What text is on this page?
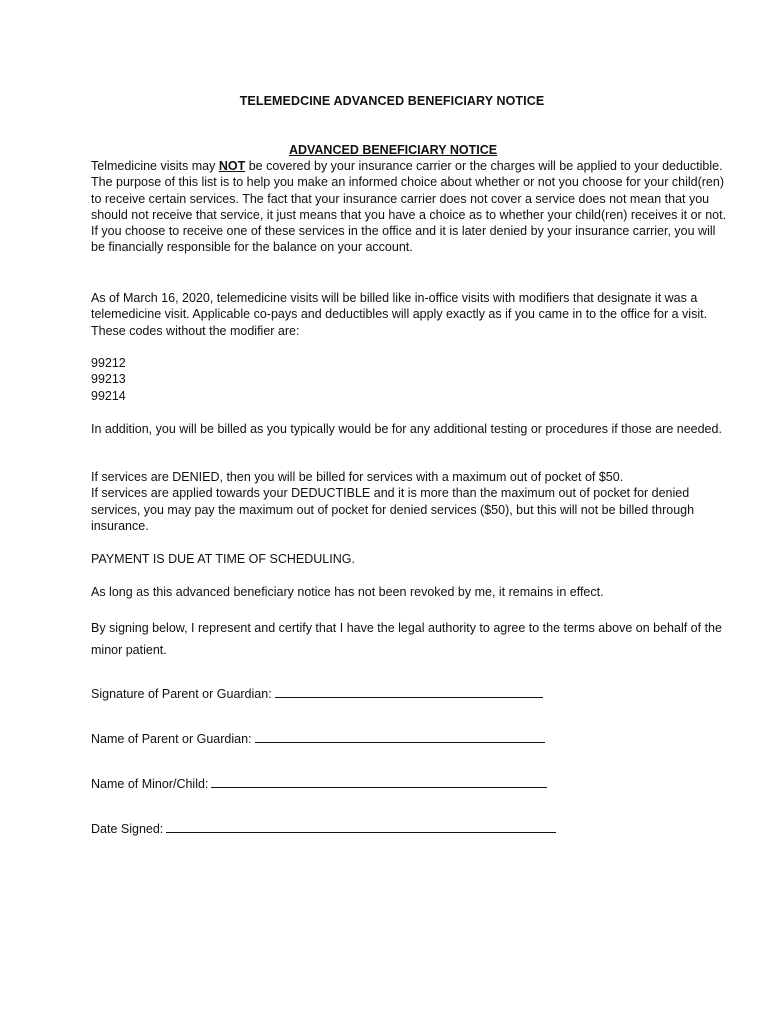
TELEMEDCINE ADVANCED BENEFICIARY NOTICE
ADVANCED BENEFICIARY NOTICE

Telmedicine visits may NOT be covered by your insurance carrier or the charges will be applied to your deductible. The purpose of this list is to help you make an informed choice about whether or not you choose for your child(ren) to receive certain services. The fact that your insurance carrier does not cover a service does not mean that you should not receive that service, it just means that you have a choice as to whether your child(ren) receives it or not. If you choose to receive one of these services in the office and it is later denied by your insurance carrier, you will be financially responsible for the balance on your account.

As of March 16, 2020, telemedicine visits will be billed like in-office visits with modifiers that designate it was a telemedicine visit. Applicable co-pays and deductibles will apply exactly as if you came in to the office for a visit. These codes without the modifier are:

99212
99213
99214

In addition, you will be billed as you typically would be for any additional testing or procedures if those are needed.

If services are DENIED, then you will be billed for services with a maximum out of pocket of $50.

If services are applied towards your DEDUCTIBLE and it is more than the maximum out of pocket for denied services, you may pay the maximum out of pocket for denied services ($50), but this will not be billed through insurance.

PAYMENT IS DUE AT TIME OF SCHEDULING.

As long as this advanced beneficiary notice has not been revoked by me, it remains in effect.

By signing below, I represent and certify that I have the legal authority to agree to the terms above on behalf of the minor patient.

Signature of Parent or Guardian:
Name of Parent or Guardian:
Name of Minor/Child:
Date Signed:
